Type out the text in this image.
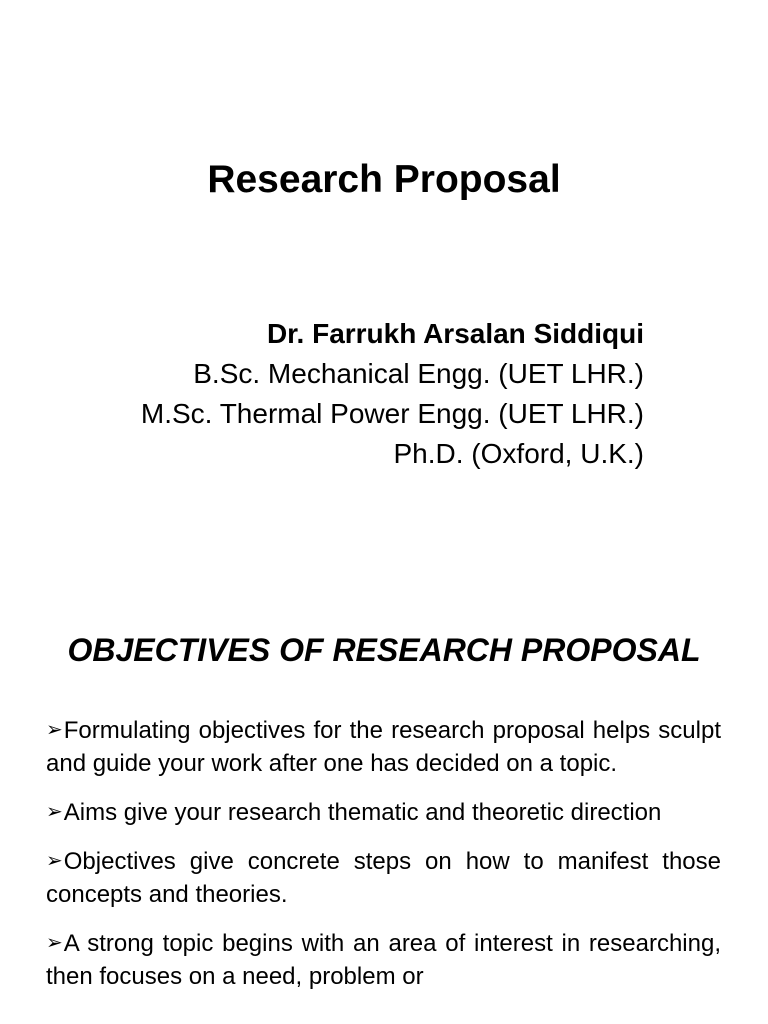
Research Proposal
Dr. Farrukh Arsalan Siddiqui
B.Sc. Mechanical Engg. (UET LHR.)
M.Sc. Thermal Power Engg. (UET LHR.)
Ph.D. (Oxford, U.K.)
OBJECTIVES OF RESEARCH PROPOSAL
➢Formulating objectives for the research proposal helps sculpt and guide your work after one has decided on a topic.
➢Aims give your research thematic and theoretic direction
➢Objectives give concrete steps on how to manifest those concepts and theories.
➢A strong topic begins with an area of interest in researching, then focuses on a need, problem or
